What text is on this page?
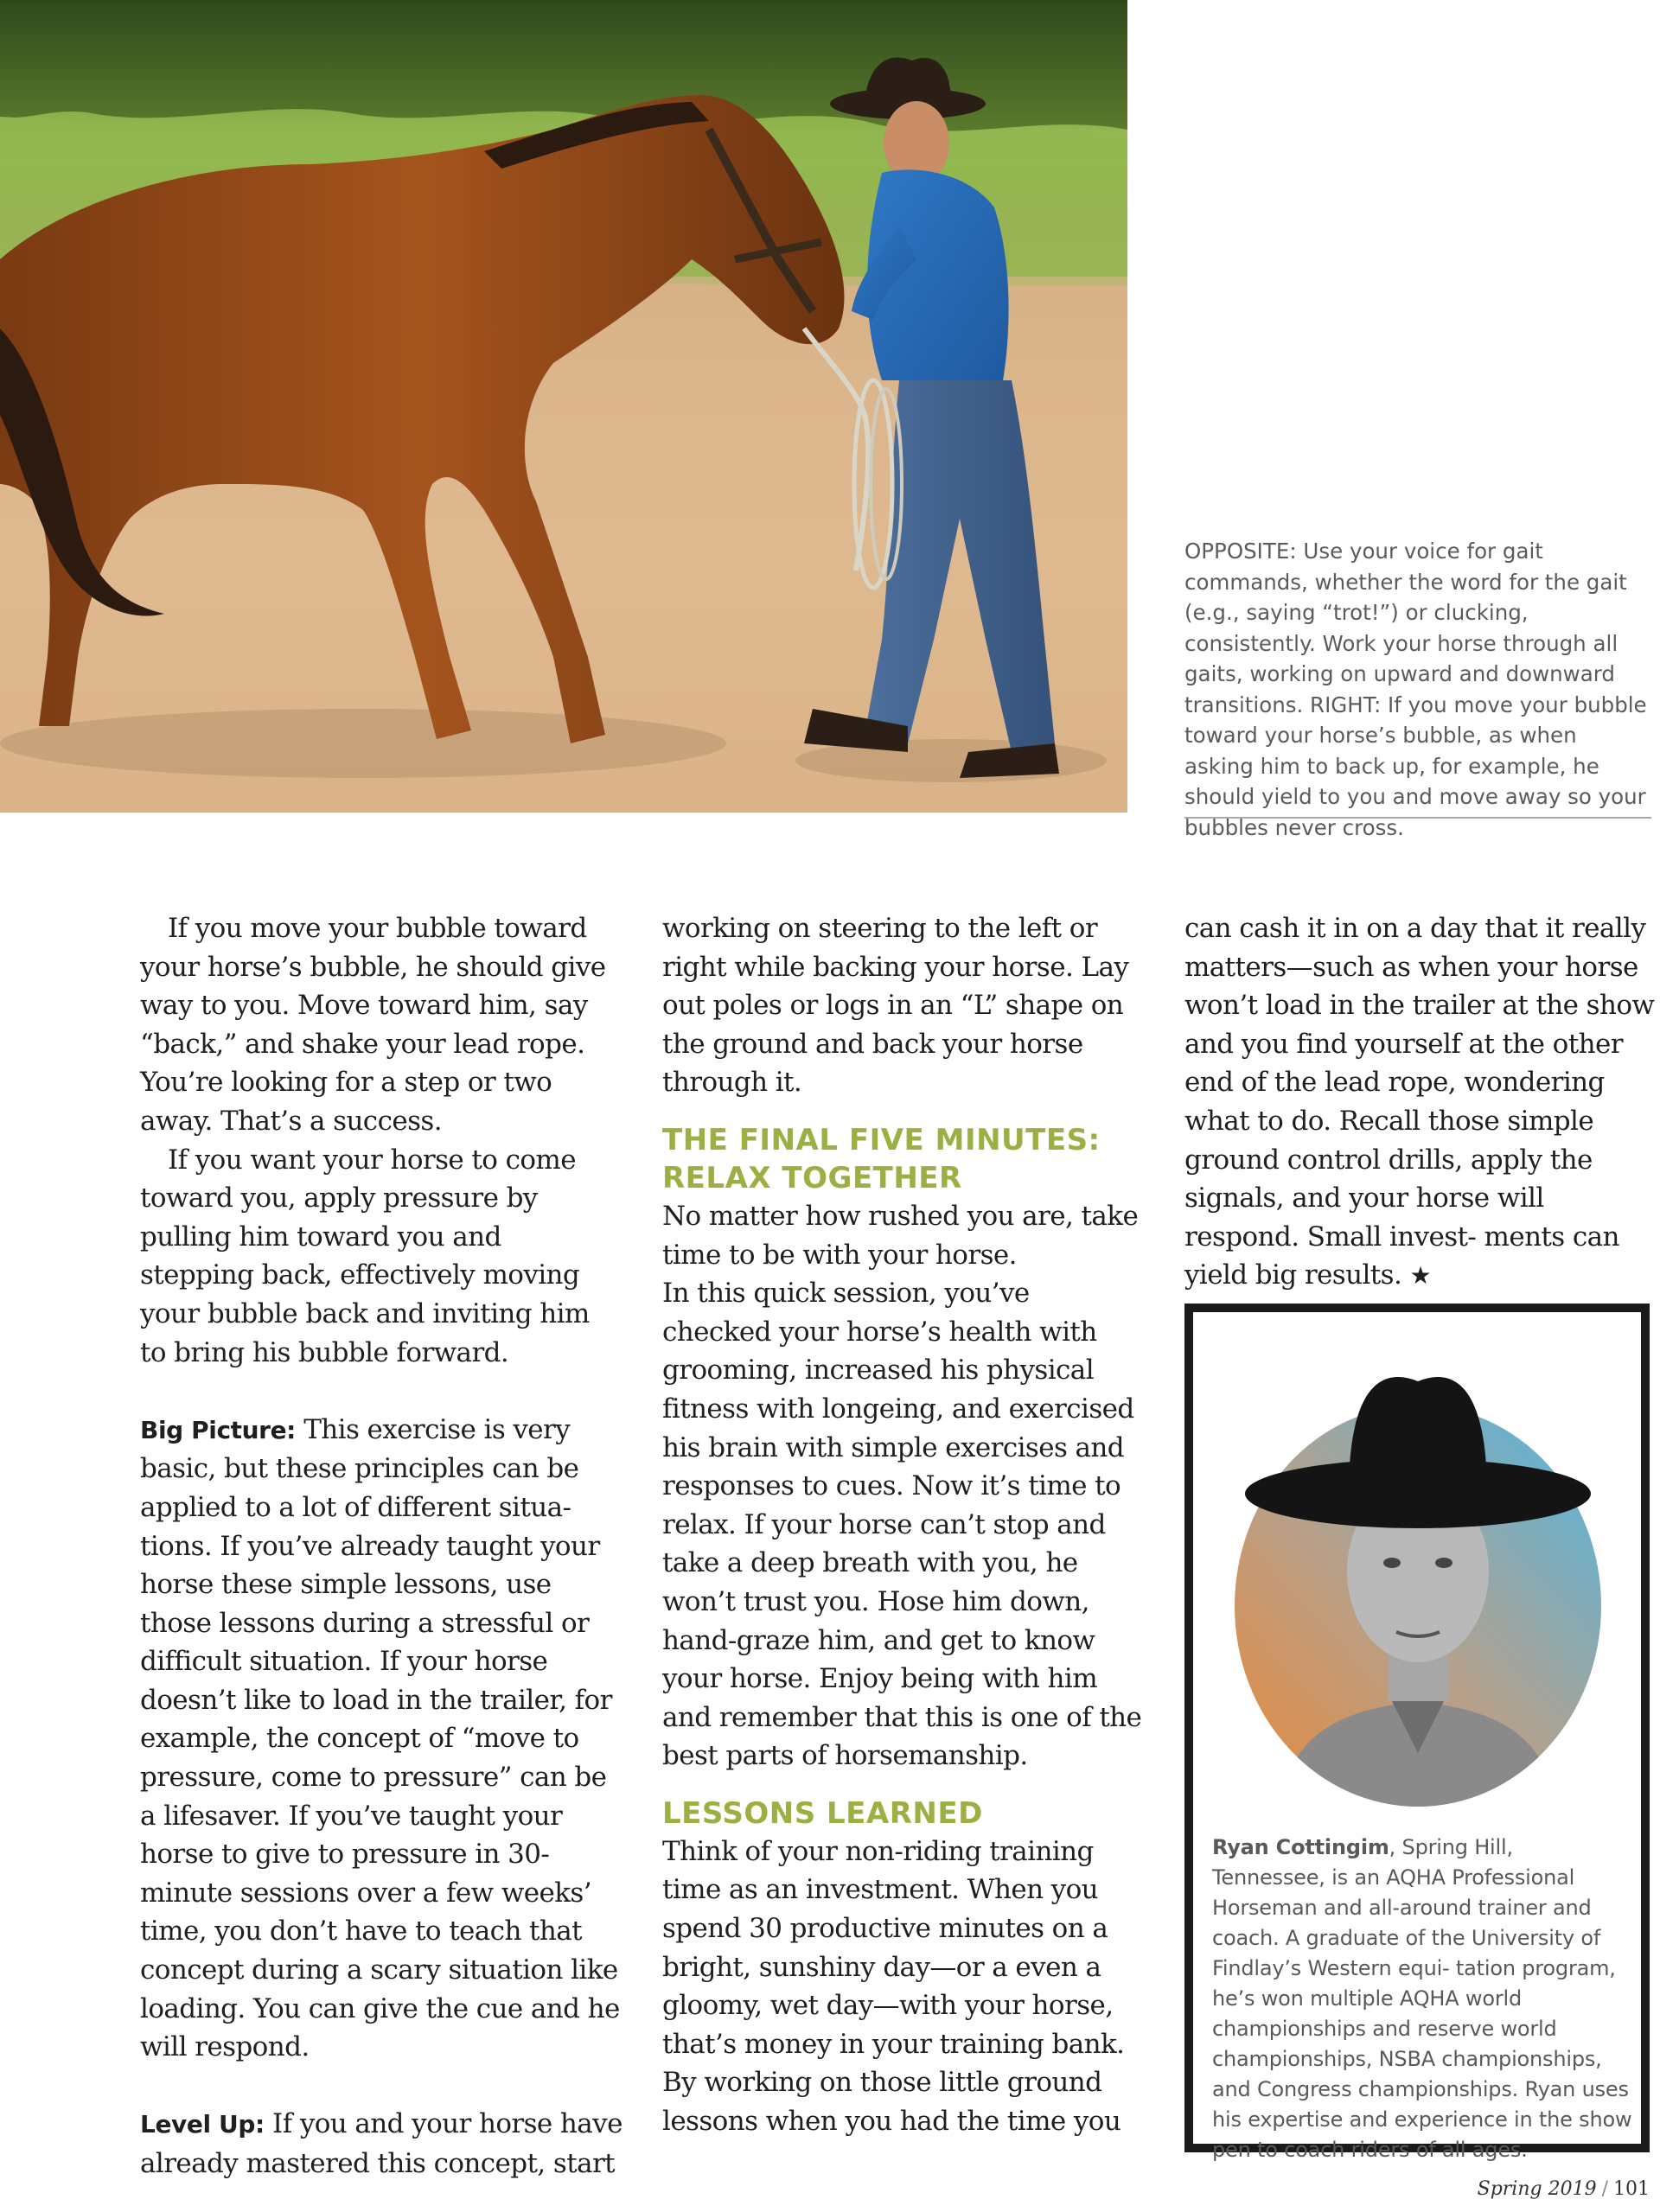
OPPOSITE: Use your voice for gait commands, whether the word for the gait (e.g., saying “trot!”) or clucking, consistently. Work your horse through all gaits, working on upward and downward transitions. RIGHT: If you move your bubble toward your horse’s bubble, as when asking him to back up, for example, he should yield to you and move away so your bubbles never cross.

If you move your bubble toward your horse’s bubble, he should give way to you. Move toward him, say “back,” and shake your lead rope. You’re looking for a step or two away. That’s a success.

If you want your horse to come toward you, apply pressure by pulling him toward you and stepping back, effectively moving your bubble back and inviting him to bring his bubble forward.

Big Picture: This exercise is very basic, but these principles can be applied to a lot of different situa- tions. If you’ve already taught your horse these simple lessons, use those lessons during a stressful or difficult situation. If your horse doesn’t like to load in the trailer, for example, the concept of “move to pressure, come to pressure” can be a lifesaver. If you’ve taught your horse to give to pressure in 30-minute sessions over a few weeks’ time, you don’t have to teach that concept during a scary situation like loading. You can give the cue and he will respond.

Level Up: If you and your horse have already mastered this concept, start

working on steering to the left or right while backing your horse. Lay out poles or logs in an “L” shape on the ground and back your horse through it.

THE FINAL FIVE MINUTES: RELAX TOGETHER

No matter how rushed you are, take time to be with your horse.

In this quick session, you’ve checked your horse’s health with grooming, increased his physical fitness with longeing, and exercised his brain with simple exercises and responses to cues. Now it’s time to relax. If your horse can’t stop and take a deep breath with you, he won’t trust you. Hose him down, hand-graze him, and get to know your horse. Enjoy being with him and remember that this is one of the best parts of horsemanship.

LESSONS LEARNED

Think of your non-riding training time as an investment. When you spend 30 productive minutes on a bright, sunshiny day—or a even a gloomy, wet day—with your horse, that’s money in your training bank. By working on those little ground lessons when you had the time you

Ryan Cottingim, Spring Hill, Tennessee, is an AQHA Professional Horseman and all-around trainer and coach. A graduate of the University of Findlay’s Western equi- tation program, he’s won multiple AQHA world championships and reserve world championships, NSBA championships, and Congress championships. Ryan uses his expertise and experience in the show pen to coach riders of all ages.

Spring 2019 / 101

can cash it in on a day that it really matters—such as when your horse won’t load in the trailer at the show and you find yourself at the other end of the lead rope, wondering what to do. Recall those simple ground control drills, apply the signals, and your horse will respond. Small invest- ments can yield big results. ★
